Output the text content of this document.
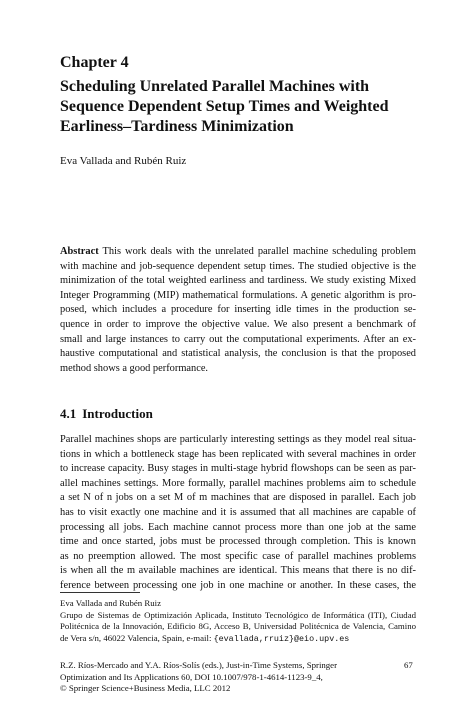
Chapter 4
Scheduling Unrelated Parallel Machines with
Sequence Dependent Setup Times and Weighted
Earliness–Tardiness Minimization
Eva Vallada and Rubén Ruiz
Abstract This work deals with the unrelated parallel machine scheduling problem
with machine and job-sequence dependent setup times. The studied objective is the
minimization of the total weighted earliness and tardiness. We study existing Mixed
Integer Programming (MIP) mathematical formulations. A genetic algorithm is pro-
posed, which includes a procedure for inserting idle times in the production se-
quence in order to improve the objective value. We also present a benchmark of
small and large instances to carry out the computational experiments. After an ex-
haustive computational and statistical analysis, the conclusion is that the proposed
method shows a good performance.
4.1 Introduction
Parallel machines shops are particularly interesting settings as they model real situa-
tions in which a bottleneck stage has been replicated with several machines in order
to increase capacity. Busy stages in multi-stage hybrid flowshops can be seen as par-
allel machines settings. More formally, parallel machines problems aim to schedule
a set N of n jobs on a set M of m machines that are disposed in parallel. Each job
has to visit exactly one machine and it is assumed that all machines are capable of
processing all jobs. Each machine cannot process more than one job at the same
time and once started, jobs must be processed through completion. This is known
as no preemption allowed. The most specific case of parallel machines problems
is when all the m available machines are identical. This means that there is no dif-
ference between processing one job in one machine or another. In these cases, the
Eva Vallada and Rubén Ruiz
Grupo de Sistemas de Optimización Aplicada, Instituto Tecnológico de Informática (ITI), Ciudad
Politécnica de la Innovación, Edificio 8G, Acceso B, Universidad Politécnica de Valencia, Camino
de Vera s/n, 46022 Valencia, Spain, e-mail: {evallada,rruiz}@eio.upv.es
R.Z. Ríos-Mercado and Y.A. Ríos-Solís (eds.), Just-in-Time Systems, Springer
Optimization and Its Applications 60, DOI 10.1007/978-1-4614-1123-9_4,
© Springer Science+Business Media, LLC 2012
67
